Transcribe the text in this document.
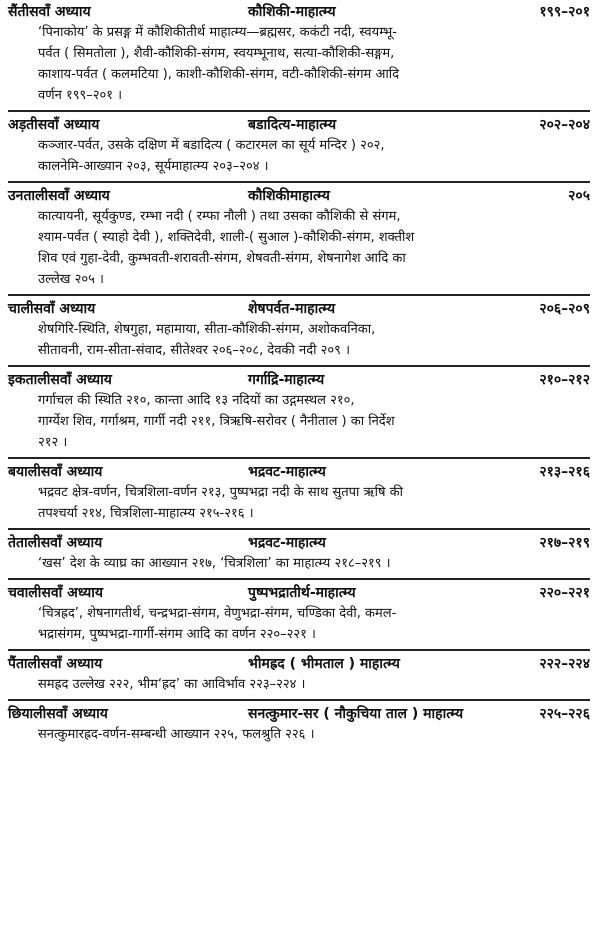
सैंतीसवाँ अध्याय	कौशिकी-माहात्म्य	१९९–२०१

‘पिनाकोय’ के प्रसङ्ग में कौशिकीतीर्थ माहात्म्य—ब्रह्मसर, ककंटी नदी, स्वयम्भू-

पर्वत ( सिमतोला ), शैवी-कौशिकी-संगम, स्वयम्भूनाथ, सत्या-कौशिकी-सङ्गम,

काशाय-पर्वत ( कलमटिया ), काशी-कौशिकी-संगम, वटी-कौशिकी-संगम आदि

वर्णन १९९–२०१ ।

अड़तीसवाँ अध्याय	बडादित्य-माहात्म्य	२०२–२०४

कञ्जार-पर्वत, उसके दक्षिण में बडादित्य ( कटारमल का सूर्य मन्दिर ) २०२,

कालनेमि-आख्यान २०३, सूर्यमाहात्म्य २०३–२०४ ।

उनतालीसवाँ अध्याय	कौशिकीमाहात्म्य	२०५

कात्यायनी, सूर्यकुण्ड, रम्भा नदी ( रम्फा नौली ) तथा उसका कौशिकी से संगम,

श्याम-पर्वत ( स्याहो देवी ), शक्तिदेवी, शाली-( सुआल )-कौशिकी-संगम, शक्तीश

शिव एवं गुहा-देवी, कुम्भवती-शरावती-संगम, शेषवती-संगम, शेषनागेश आदि का

उल्लेख २०५ ।

चालीसवाँ अध्याय	शेषपर्वत-माहात्म्य	२०६–२०९

शेषगिरि-स्थिति, शेषगुहा, महामाया, सीता-कौशिकी-संगम, अशोकवनिका,

सीतावनी, राम-सीता-संवाद, सीतेश्वर २०६–२०८, देवकी नदी २०९ ।

इकतालीसवाँ अध्याय	गर्गाद्रि-माहात्म्य	२१०–२१२

गर्गाचल की स्थिति २१०, कान्ता आदि १३ नदियों का उद्गमस्थल २१०,

गार्ग्येश शिव, गर्गाश्रम, गार्गी नदी २११, त्रिऋषि-सरोवर ( नैनीताल ) का निर्देश

२१२ ।

बयालीसवाँ अध्याय	भद्रवट-माहात्म्य	२१३–२१६

भद्रवट क्षेत्र-वर्णन, चित्रशिला-वर्णन २१३, पुष्पभद्रा नदी के साथ सुतपा ऋषि की

तपश्चर्या २१४, चित्रशिला-माहात्म्य २१५-२१६ ।

तेतालीसवाँ अध्याय	भद्रवट-माहात्म्य	२१७–२१९

‘खस’ देश के व्याघ्र का आख्यान २१७, ‘चित्रशिला’ का माहात्म्य २१८–२१९ ।

चवालीसवाँ अध्याय	पुष्पभद्रातीर्थ-माहात्म्य	२२०–२२१

‘चित्रह्रद’, शेषनागतीर्थ, चन्द्रभद्रा-संगम, वेणुभद्रा-संगम, चण्डिका देवी, कमल-

भद्रासंगम, पुष्पभद्रा-गार्गी-संगम आदि का वर्णन २२०–२२१ ।

पैंतालीसवाँ अध्याय	भीमह्रद ( भीमताल ) माहात्म्य	२२२–२२४

समह्रद उल्लेख २२२, भीम‘ह्रद’ का आविर्भाव २२३–२२४ ।

छियालीसवाँ अध्याय	सनत्कुमार-सर ( नौकुचिया ताल ) माहात्म्य	२२५–२२६

सनत्कुमारह्रद-वर्णन-सम्बन्धी आख्यान २२५, फलश्रुति २२६ ।
